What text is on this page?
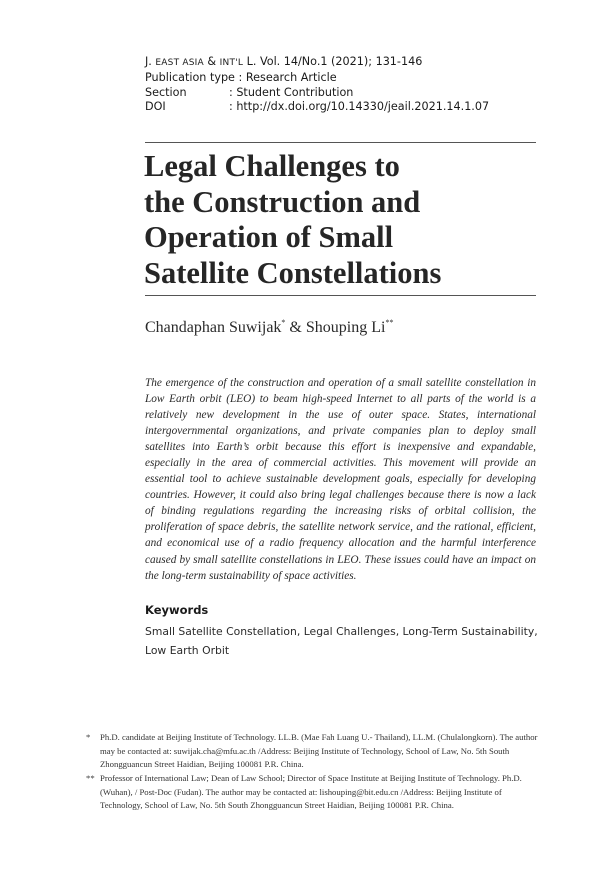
J. EAST ASIA & INT'L L. Vol. 14/No.1 (2021); 131-146
Publication type : Research Article
Section	: Student Contribution
DOI	: http://dx.doi.org/10.14330/jeail.2021.14.1.07
Legal Challenges to
the Construction and
Operation of Small
Satellite Constellations
Chandaphan Suwijak* & Shouping Li**

The emergence of the construction and operation of a small satellite constellation in Low Earth orbit (LEO) to beam high-speed Internet to all parts of the world is a relatively new development in the use of outer space. States, international intergovernmental organizations, and private companies plan to deploy small satellites into Earth’s orbit because this effort is inexpensive and expandable, especially in the area of commercial activities. This movement will provide an essential tool to achieve sustainable development goals, especially for developing countries. However, it could also bring legal challenges because there is now a lack of binding regulations regarding the increasing risks of orbital collision, the proliferation of space debris, the satellite network service, and the rational, efficient, and economical use of a radio frequency allocation and the harmful interference caused by small satellite constellations in LEO. These issues could have an impact on the long-term sustainability of space activities.

Keywords
Small Satellite Constellation, Legal Challenges, Long-Term Sustainability,
Low Earth Orbit
* Ph.D. candidate at Beijing Institute of Technology. LL.B. (Mae Fah Luang U.- Thailand), LL.M. (Chulalongkorn). The author may be contacted at: suwijak.cha@mfu.ac.th /Address: Beijing Institute of Technology, School of Law, No. 5th South Zhongguancun Street Haidian, Beijing 100081 P.R. China.
** Professor of International Law; Dean of Law School; Director of Space Institute at Beijing Institute of Technology. Ph.D. (Wuhan), / Post-Doc (Fudan). The author may be contacted at: lishouping@bit.edu.cn /Address: Beijing Institute of Technology, School of Law, No. 5th South Zhongguancun Street Haidian, Beijing 100081 P.R. China.
